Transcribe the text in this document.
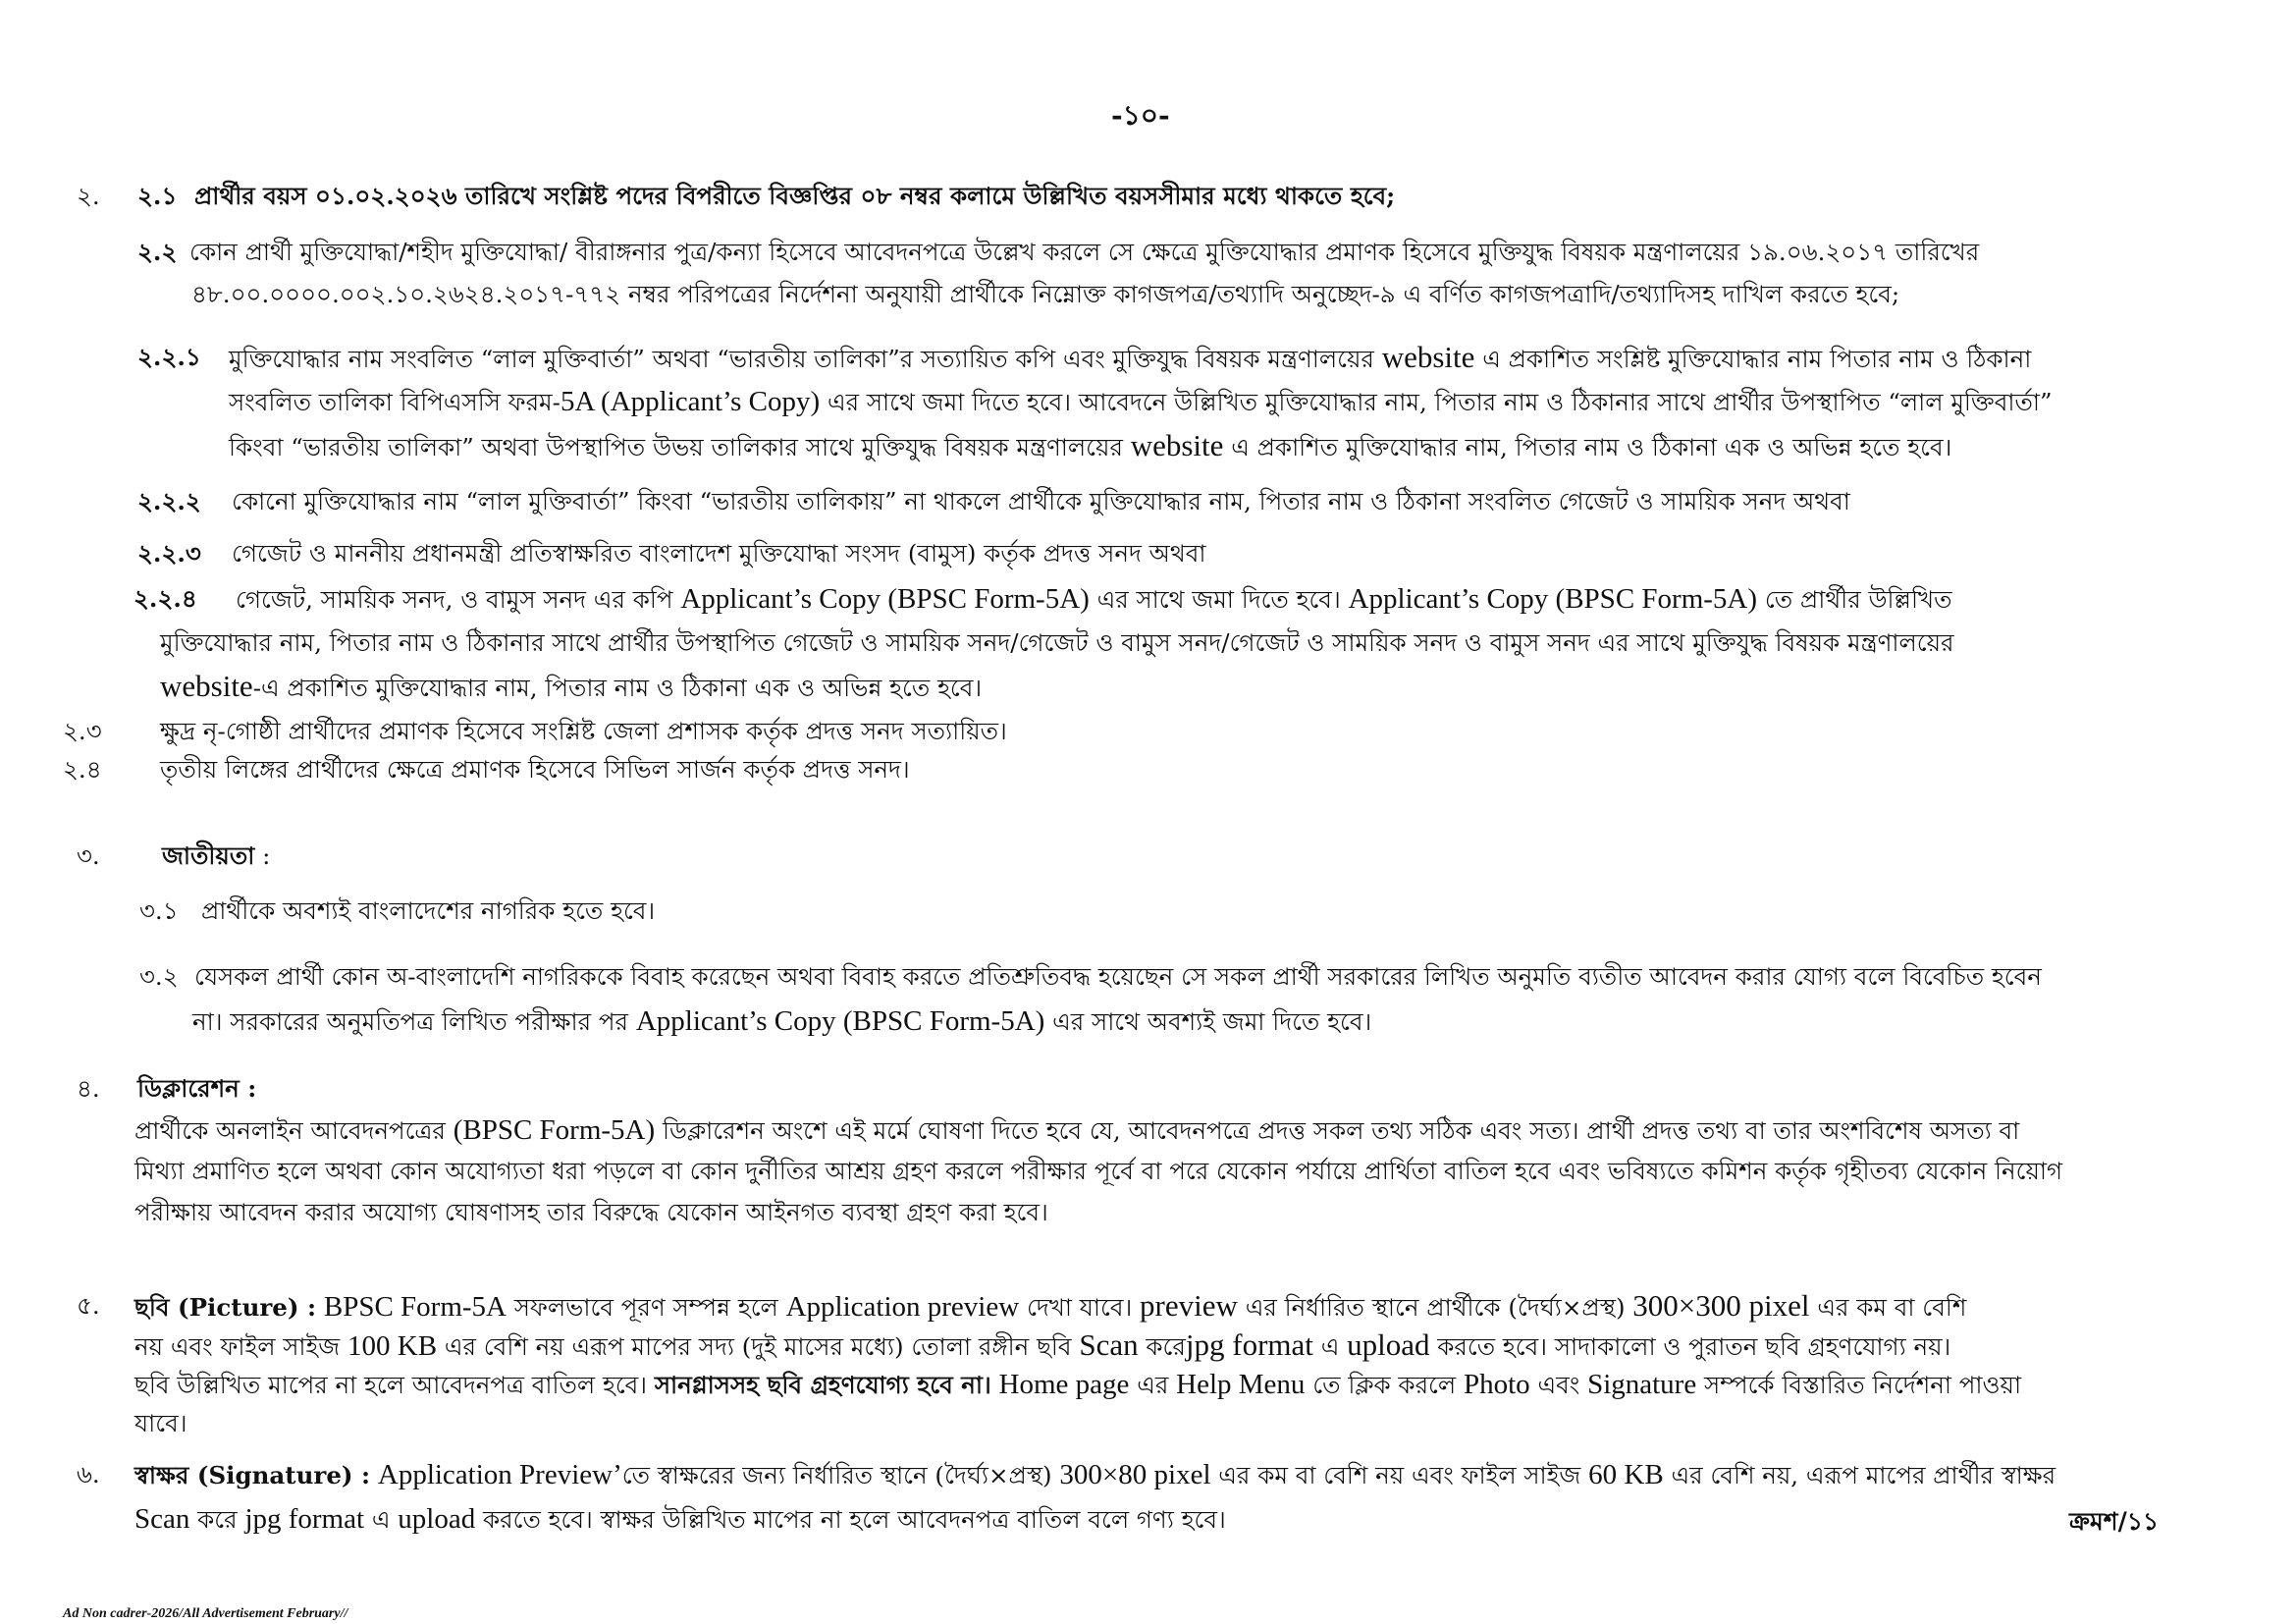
-১০-
২. ২.১ প্রার্থীর বয়স ০১.০২.২০২৬ তারিখে সংশ্লিষ্ট পদের বিপরীতে বিজ্ঞপ্তির ০৮ নম্বর কলামে উল্লিখিত বয়সসীমার মধ্যে থাকতে হবে;
২.২ কোন প্রার্থী মুক্তিযোদ্ধা/শহীদ মুক্তিযোদ্ধা/ বীরাঙ্গনার পুত্র/কন্যা হিসেবে আবেদনপত্রে উল্লেখ করলে সে ক্ষেত্রে মুক্তিযোদ্ধার প্রমাণক হিসেবে মুক্তিযুদ্ধ বিষয়ক মন্ত্রণালয়ের ১৯.০৬.২০১৭ তারিখের
৪৮.০০.০০০০.০০২.১০.২৬২৪.২০১৭-৭৭২ নম্বর পরিপত্রের নির্দেশনা অনুযায়ী প্রার্থীকে নিম্নোক্ত কাগজপত্র/তথ্যাদি অনুচ্ছেদ-৯ এ বর্ণিত কাগজপত্রাদি/তথ্যাদিসহ দাখিল করতে হবে;
২.২.১ মুক্তিযোদ্ধার নাম সংবলিত “লাল মুক্তিবার্তা” অথবা “ভারতীয় তালিকা”র সত্যায়িত কপি এবং মুক্তিযুদ্ধ বিষয়ক মন্ত্রণালয়ের website এ প্রকাশিত সংশ্লিষ্ট মুক্তিযোদ্ধার নাম পিতার নাম ও ঠিকানা
সংবলিত তালিকা বিপিএসসি ফরম-5A (Applicant’s Copy) এর সাথে জমা দিতে হবে। আবেদনে উল্লিখিত মুক্তিযোদ্ধার নাম, পিতার নাম ও ঠিকানার সাথে প্রার্থীর উপস্থাপিত “লাল মুক্তিবার্তা”
কিংবা “ভারতীয় তালিকা” অথবা উপস্থাপিত উভয় তালিকার সাথে মুক্তিযুদ্ধ বিষয়ক মন্ত্রণালয়ের website এ প্রকাশিত মুক্তিযোদ্ধার নাম, পিতার নাম ও ঠিকানা এক ও অভিন্ন হতে হবে।
২.২.২ কোনো মুক্তিযোদ্ধার নাম “লাল মুক্তিবার্তা” কিংবা “ভারতীয় তালিকায়” না থাকলে প্রার্থীকে মুক্তিযোদ্ধার নাম, পিতার নাম ও ঠিকানা সংবলিত গেজেট ও সাময়িক সনদ অথবা
২.২.৩ গেজেট ও মাননীয় প্রধানমন্ত্রী প্রতিস্বাক্ষরিত বাংলাদেশ মুক্তিযোদ্ধা সংসদ (বামুস) কর্তৃক প্রদত্ত সনদ অথবা
২.২.৪ গেজেট, সাময়িক সনদ, ও বামুস সনদ এর কপি Applicant’s Copy (BPSC Form-5A) এর সাথে জমা দিতে হবে। Applicant’s Copy (BPSC Form-5A) তে প্রার্থীর উল্লিখিত
মুক্তিযোদ্ধার নাম, পিতার নাম ও ঠিকানার সাথে প্রার্থীর উপস্থাপিত গেজেট ও সাময়িক সনদ/গেজেট ও বামুস সনদ/গেজেট ও সাময়িক সনদ ও বামুস সনদ এর সাথে মুক্তিযুদ্ধ বিষয়ক মন্ত্রণালয়ের
website-এ প্রকাশিত মুক্তিযোদ্ধার নাম, পিতার নাম ও ঠিকানা এক ও অভিন্ন হতে হবে।
২.৩ ক্ষুদ্র নৃ-গোষ্ঠী প্রার্থীদের প্রমাণক হিসেবে সংশ্লিষ্ট জেলা প্রশাসক কর্তৃক প্রদত্ত সনদ সত্যায়িত।
২.৪ তৃতীয় লিঙ্গের প্রার্থীদের ক্ষেত্রে প্রমাণক হিসেবে সিভিল সার্জন কর্তৃক প্রদত্ত সনদ।
৩.	জাতীয়তা :
৩.১ প্রার্থীকে অবশ্যই বাংলাদেশের নাগরিক হতে হবে।
৩.২ যেসকল প্রার্থী কোন অ-বাংলাদেশি নাগরিককে বিবাহ করেছেন অথবা বিবাহ করতে প্রতিশ্রুতিবদ্ধ হয়েছেন সে সকল প্রার্থী সরকারের লিখিত অনুমতি ব্যতীত আবেদন করার যোগ্য বলে বিবেচিত হবেন
না। সরকারের অনুমতিপত্র লিখিত পরীক্ষার পর Applicant’s Copy (BPSC Form-5A) এর সাথে অবশ্যই জমা দিতে হবে।
৪. ডিক্লারেশন :
প্রার্থীকে অনলাইন আবেদনপত্রের (BPSC Form-5A) ডিক্লারেশন অংশে এই মর্মে ঘোষণা দিতে হবে যে, আবেদনপত্রে প্রদত্ত সকল তথ্য সঠিক এবং সত্য। প্রার্থী প্রদত্ত তথ্য বা তার অংশবিশেষ অসত্য বা
মিথ্যা প্রমাণিত হলে অথবা কোন অযোগ্যতা ধরা পড়লে বা কোন দুর্নীতির আশ্রয় গ্রহণ করলে পরীক্ষার পূর্বে বা পরে যেকোন পর্যায়ে প্রার্থিতা বাতিল হবে এবং ভবিষ্যতে কমিশন কর্তৃক গৃহীতব্য যেকোন নিয়োগ
পরীক্ষায় আবেদন করার অযোগ্য ঘোষণাসহ তার বিরুদ্ধে যেকোন আইনগত ব্যবস্থা গ্রহণ করা হবে।
৫. ছবি (Picture) : BPSC Form-5A সফলভাবে পূরণ সম্পন্ন হলে Application preview দেখা যাবে। preview এর নির্ধারিত স্থানে প্রার্থীকে (দৈর্ঘ্য×প্রস্থ) 300×300 pixel এর কম বা বেশি
নয় এবং ফাইল সাইজ 100 KB এর বেশি নয় এরূপ মাপের সদ্য (দুই মাসের মধ্যে) তোলা রঙ্গীন ছবি Scan করেjpg format এ upload করতে হবে। সাদাকালো ও পুরাতন ছবি গ্রহণযোগ্য নয়।
ছবি উল্লিখিত মাপের না হলে আবেদনপত্র বাতিল হবে। সানগ্লাসসহ ছবি গ্রহণযোগ্য হবে না। Home page এর Help Menu তে ক্লিক করলে Photo এবং Signature সম্পর্কে বিস্তারিত নির্দেশনা পাওয়া
যাবে।
৬. স্বাক্ষর (Signature) : Application Preview’তে স্বাক্ষরের জন্য নির্ধারিত স্থানে (দৈর্ঘ্য×প্রস্থ) 300×80 pixel এর কম বা বেশি নয় এবং ফাইল সাইজ 60 KB এর বেশি নয়, এরূপ মাপের প্রার্থীর স্বাক্ষর
Scan করে jpg format এ upload করতে হবে। স্বাক্ষর উল্লিখিত মাপের না হলে আবেদনপত্র বাতিল বলে গণ্য হবে।	ক্রমশ/১১
Ad Non cadrer-2026/All Advertisement February//
